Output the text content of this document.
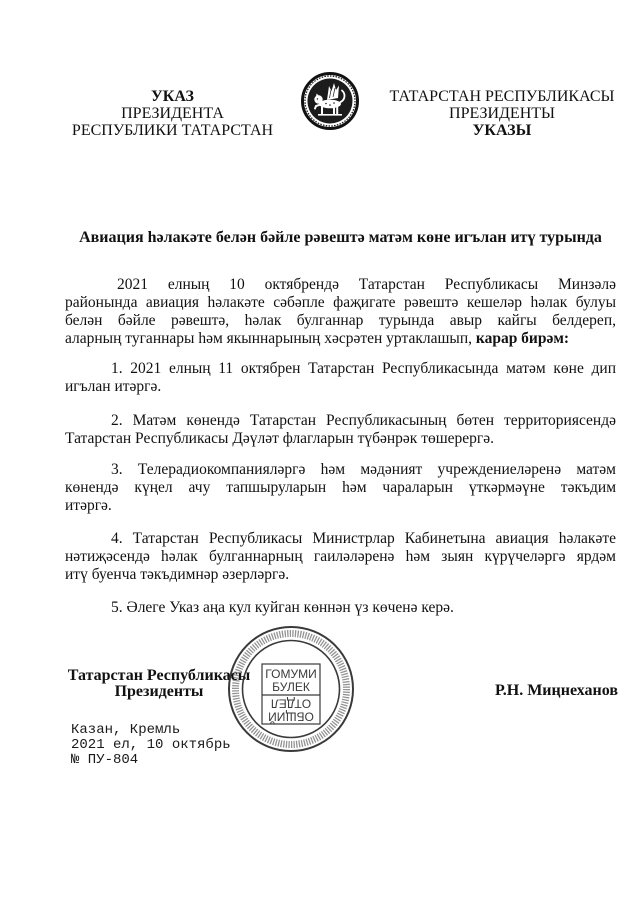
УКАЗ
ПРЕЗИДЕНТА
РЕСПУБЛИКИ ТАТАРСТАН
ТАТАРСТАН РЕСПУБЛИКАСЫ
ПРЕЗИДЕНТЫ
УКАЗЫ
Авиация һәлакәте белән бәйле рәвештә матәм көне игълан итү турында
2021 елның 10 октябрендә Татарстан Республикасы Минзәлә
районында авиация һәлакәте сәбәпле фаҗигате рәвештә кешеләр һәлак булуы
белән бәйле рәвештә, һәлак булганнар турында авыр кайгы белдереп,
аларның туганнары һәм якыннарының хәсрәтен уртаклашып, карар бирәм:
1. 2021 елның 11 октябрен Татарстан Республикасында матәм көне дип
игълан итәргә.
2. Матәм көнендә Татарстан Республикасының бөтен территориясендә
Татарстан Республикасы Дәүләт флагларын түбәнрәк төшерергә.
3. Телерадиокомпанияләргә һәм мәдәният учреждениеләренә матәм
көнендә күңел ачу тапшыруларын һәм чараларын үткәрмәүне тәкъдим
итәргә.
4. Татарстан Республикасы Министрлар Кабинетына авиация һәлакәте
нәтиҗәсендә һәлак булганнарның гаиләләренә һәм зыян күрүчеләргә ярдәм
итү буенча тәкъдимнәр әзерләргә.
5. Әлеге Указ аңа кул куйган көннән үз көченә керә.
Татарстан Республикасы
Президенты	Р.Н. Миңнеханов
ГОМУМИ
БУЛЕК
ОТДЕЛ
ОБЩИЙ
Казан, Кремль
2021 ел, 10 октябрь
№ ПУ-804
